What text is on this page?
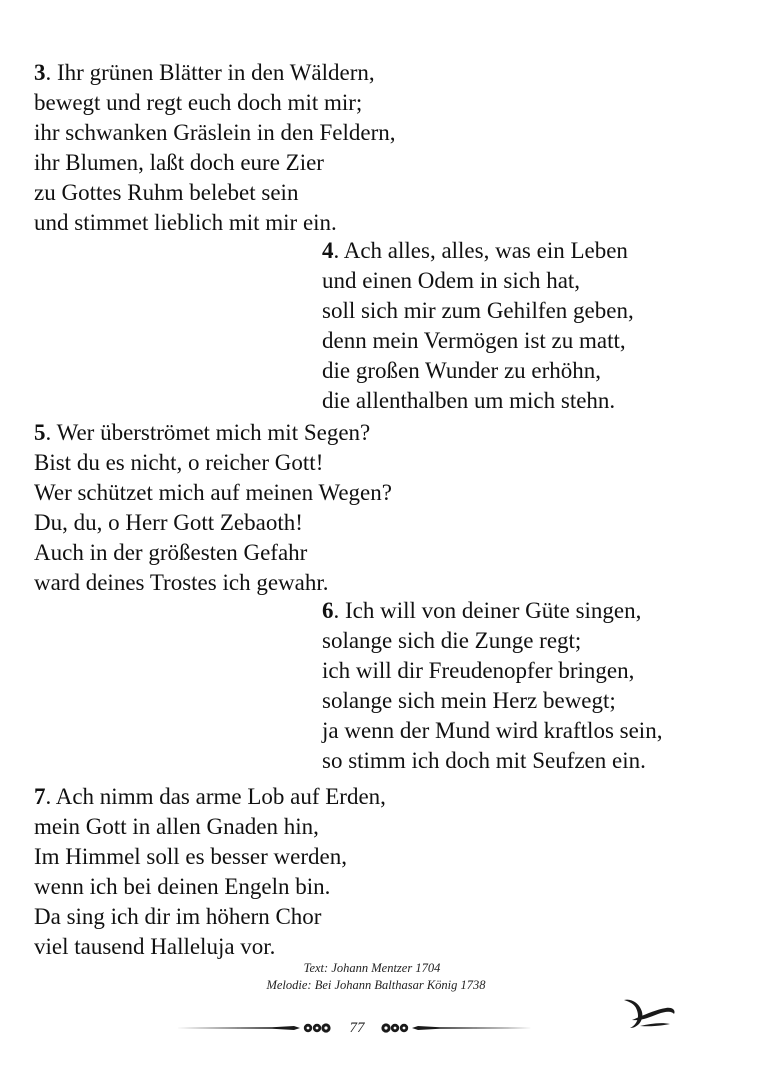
3. Ihr grünen Blätter in den Wäldern,
bewegt und regt euch doch mit mir;
ihr schwanken Gräslein in den Feldern,
ihr Blumen, laßt doch eure Zier
zu Gottes Ruhm belebet sein
und stimmet lieblich mit mir ein.
4. Ach alles, alles, was ein Leben
und einen Odem in sich hat,
soll sich mir zum Gehilfen geben,
denn mein Vermögen ist zu matt,
die großen Wunder zu erhöhn,
die allenthalben um mich stehn.
5. Wer überströmet mich mit Segen?
Bist du es nicht, o reicher Gott!
Wer schützet mich auf meinen Wegen?
Du, du, o Herr Gott Zebaoth!
Auch in der größesten Gefahr
ward deines Trostes ich gewahr.
6. Ich will von deiner Güte singen,
solange sich die Zunge regt;
ich will dir Freudenopfer bringen,
solange sich mein Herz bewegt;
ja wenn der Mund wird kraftlos sein,
so stimm ich doch mit Seufzen ein.
7. Ach nimm das arme Lob auf Erden,
mein Gott in allen Gnaden hin,
Im Himmel soll es besser werden,
wenn ich bei deinen Engeln bin.
Da sing ich dir im höhern Chor
viel tausend Halleluja vor.
Text: Johann Mentzer 1704
Melodie: Bei Johann Balthasar König 1738
77
